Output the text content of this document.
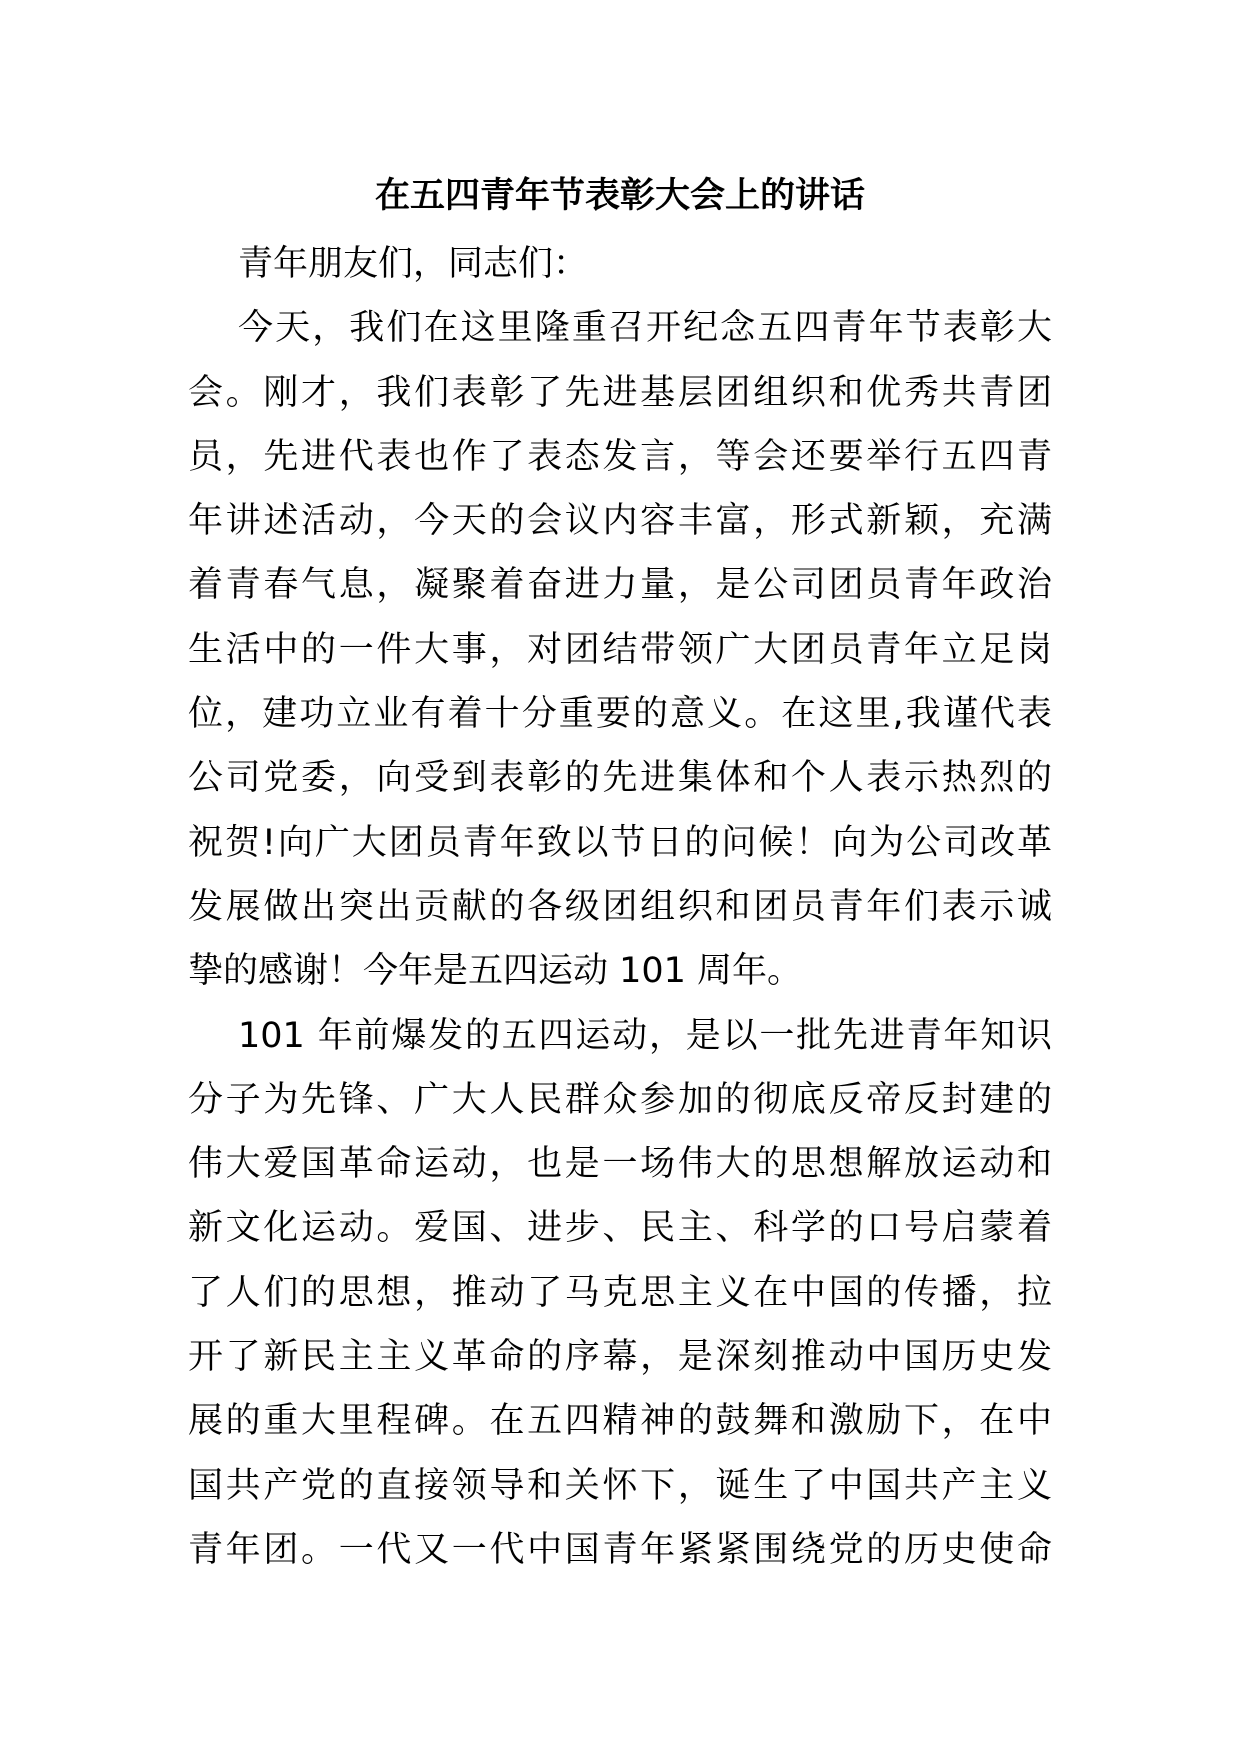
在五四青年节表彰大会上的讲话

青年朋友们，同志们：

今天，我们在这里隆重召开纪念五四青年节表彰大

会。刚才，我们表彰了先进基层团组织和优秀共青团

员，先进代表也作了表态发言，等会还要举行五四青

年讲述活动，今天的会议内容丰富，形式新颖，充满

着青春气息，凝聚着奋进力量，是公司团员青年政治

生活中的一件大事，对团结带领广大团员青年立足岗

位，建功立业有着十分重要的意义。在这里,我谨代表

公司党委，向受到表彰的先进集体和个人表示热烈的

祝贺!向广大团员青年致以节日的问候！向为公司改革

发展做出突出贡献的各级团组织和团员青年们表示诚

挚的感谢！今年是五四运动 101 周年。

101 年前爆发的五四运动，是以一批先进青年知识

分子为先锋、广大人民群众参加的彻底反帝反封建的

伟大爱国革命运动，也是一场伟大的思想解放运动和

新文化运动。爱国、进步、民主、科学的口号启蒙着

了人们的思想，推动了马克思主义在中国的传播，拉

开了新民主主义革命的序幕，是深刻推动中国历史发

展的重大里程碑。在五四精神的鼓舞和激励下，在中

国共产党的直接领导和关怀下，诞生了中国共产主义

青年团。一代又一代中国青年紧紧围绕党的历史使命
